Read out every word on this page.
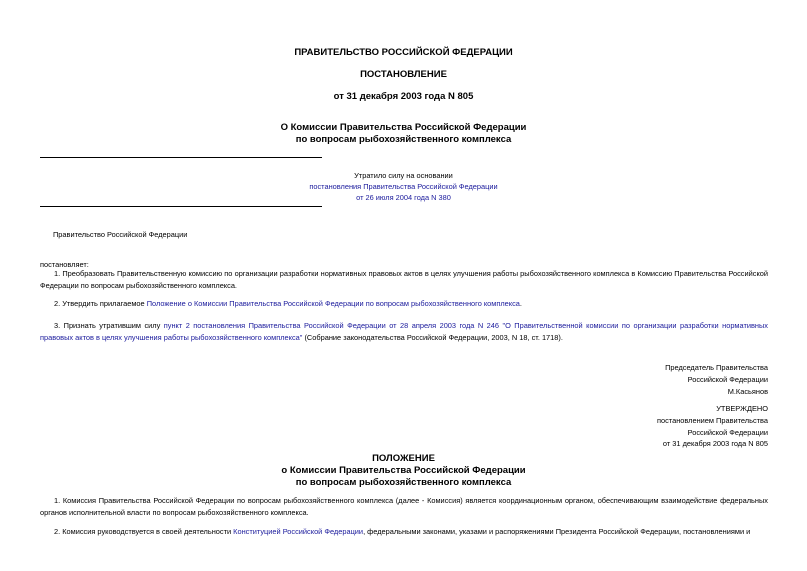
ПРАВИТЕЛЬСТВО РОССИЙСКОЙ ФЕДЕРАЦИИ
ПОСТАНОВЛЕНИЕ
от 31 декабря 2003 года N 805
О Комиссии Правительства Российской Федерации
по вопросам рыбохозяйственного комплекса
Утратило силу на основании
постановления Правительства Российской Федерации
от 26 июля 2004 года N 380
Правительство Российской Федерации
постановляет:
1. Преобразовать Правительственную комиссию по организации разработки нормативных правовых актов в целях улучшения работы рыбохозяйственного комплекса в Комиссию Правительства Российской Федерации по вопросам рыбохозяйственного комплекса.
2. Утвердить прилагаемое Положение о Комиссии Правительства Российской Федерации по вопросам рыбохозяйственного комплекса.
3. Признать утратившим силу пункт 2 постановления Правительства Российской Федерации от 28 апреля 2003 года N 246 "О Правительственной комиссии по организации разработки нормативных правовых актов в целях улучшения работы рыбохозяйственного комплекса" (Собрание законодательства Российской Федерации, 2003, N 18, ст. 1718).
Председатель Правительства
Российской Федерации
М.Касьянов
УТВЕРЖДЕНО
постановлением Правительства
Российской Федерации
от 31 декабря 2003 года N 805
ПОЛОЖЕНИЕ
о Комиссии Правительства Российской Федерации
по вопросам рыбохозяйственного комплекса
1. Комиссия Правительства Российской Федерации по вопросам рыбохозяйственного комплекса (далее - Комиссия) является координационным органом, обеспечивающим взаимодействие федеральных органов исполнительной власти по вопросам рыбохозяйственного комплекса.
2. Комиссия руководствуется в своей деятельности Конституцией Российской Федерации, федеральными законами, указами и распоряжениями Президента Российской Федерации, постановлениями и
